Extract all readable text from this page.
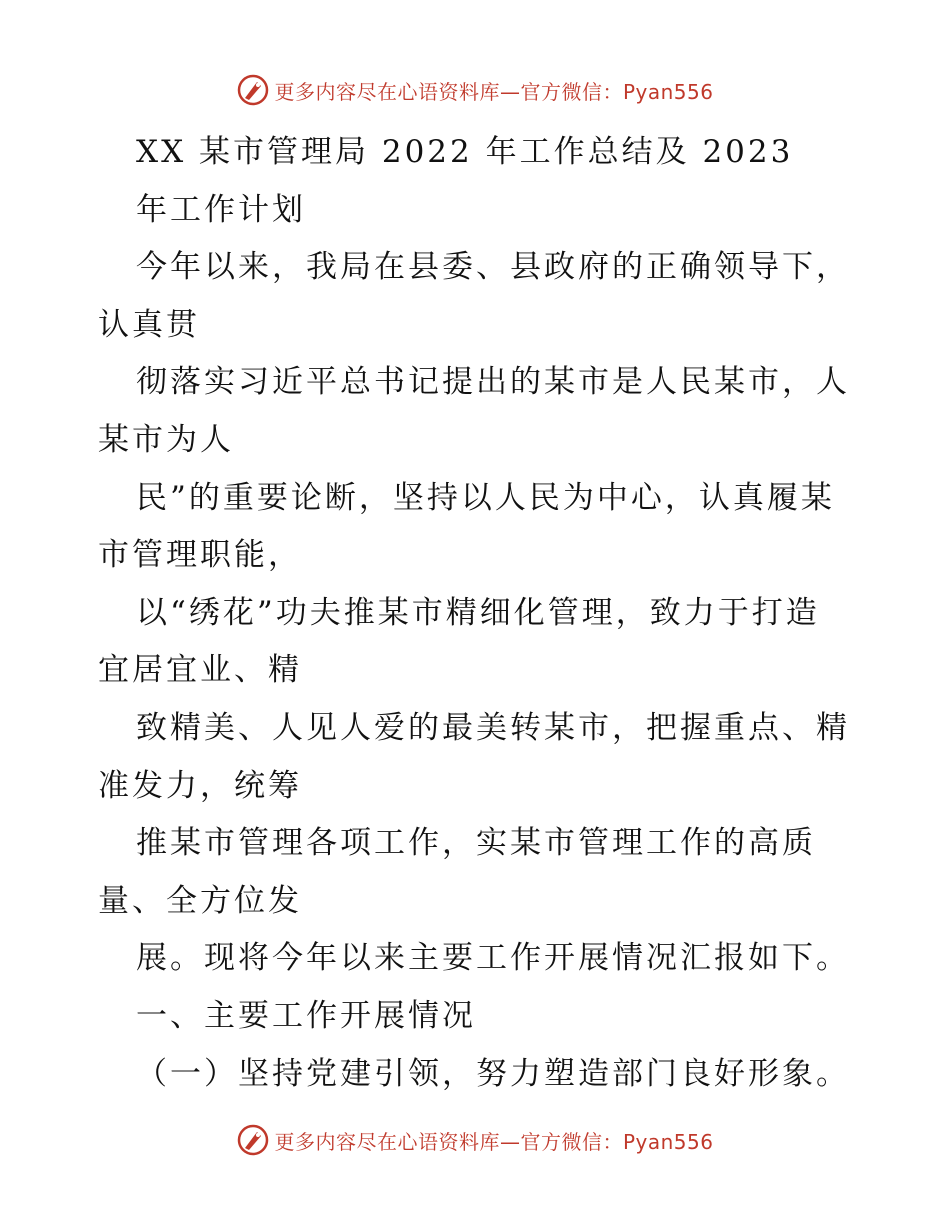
更多内容尽在心语资料库—官方微信：Pyan556
XX 某市管理局 2022 年工作总结及 2023
年工作计划
今年以来，我局在县委、县政府的正确领导下，
认真贯
彻落实习近平总书记提出的某市是人民某市，人
某市为人
民”的重要论断，坚持以人民为中心，认真履某
市管理职能，
以“绣花”功夫推某市精细化管理，致力于打造
宜居宜业、精
致精美、人见人爱的最美转某市，把握重点、精
准发力，统筹
推某市管理各项工作，实某市管理工作的高质
量、全方位发
展。现将今年以来主要工作开展情况汇报如下。
一、主要工作开展情况
（一）坚持党建引领，努力塑造部门良好形象。
更多内容尽在心语资料库—官方微信：Pyan556
